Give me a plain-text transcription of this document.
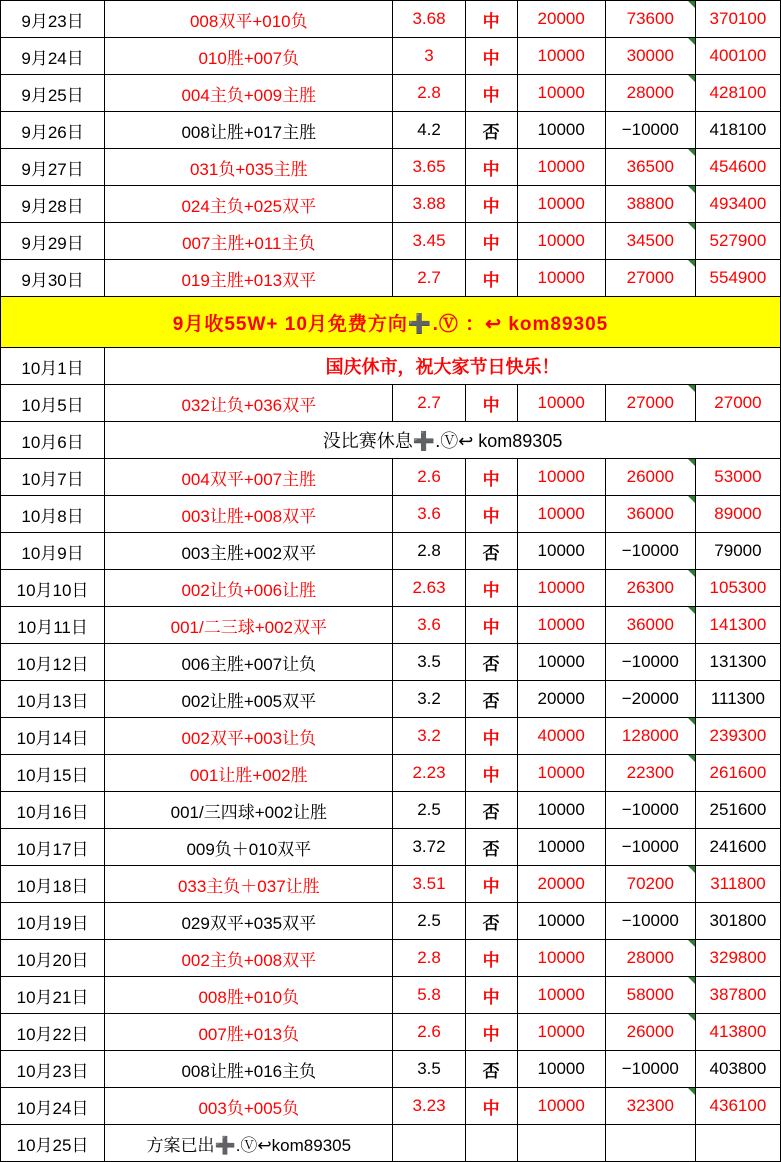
9月23日	008双平+010负	3.68	中	20000	73600	370100
9月24日	010胜+007负	3	中	10000	30000	400100
9月25日	004主负+009主胜	2.8	中	10000	28000	428100
9月26日	008让胜+017主胜	4.2	否	10000	−10000	418100
9月27日	031负+035主胜	3.65	中	10000	36500	454600
9月28日	024主负+025双平	3.88	中	10000	38800	493400
9月29日	007主胜+011主负	3.45	中	10000	34500	527900
9月30日	019主胜+013双平	2.7	中	10000	27000	554900
9月收55W+ 10月免费方向➕.Ⓥ ：↩ kom89305						
10月1日	国庆休市，祝大家节日快乐！					
10月5日	032让负+036双平	2.7	中	10000	27000	27000
10月6日	没比赛休息➕.Ⓥ↩ kom89305					
10月7日	004双平+007主胜	2.6	中	10000	26000	53000
10月8日	003让胜+008双平	3.6	中	10000	36000	89000
10月9日	003主胜+002双平	2.8	否	10000	−10000	79000
10月10日	002让负+006让胜	2.63	中	10000	26300	105300
10月11日	001/二三球+002双平	3.6	中	10000	36000	141300
10月12日	006主胜+007让负	3.5	否	10000	−10000	131300
10月13日	002让胜+005双平	3.2	否	20000	−20000	111300
10月14日	002双平+003让负	3.2	中	40000	128000	239300
10月15日	001让胜+002胜	2.23	中	10000	22300	261600
10月16日	001/三四球+002让胜	2.5	否	10000	−10000	251600
10月17日	009负＋010双平	3.72	否	10000	−10000	241600
10月18日	033主负＋037让胜	3.51	中	20000	70200	311800
10月19日	029双平+035双平	2.5	否	10000	−10000	301800
10月20日	002主负+008双平	2.8	中	10000	28000	329800
10月21日	008胜+010负	5.8	中	10000	58000	387800
10月22日	007胜+013负	2.6	中	10000	26000	413800
10月23日	008让胜+016主负	3.5	否	10000	−10000	403800
10月24日	003负+005负	3.23	中	10000	32300	436100
10月25日	方案已出➕.Ⓥ↩kom89305					
